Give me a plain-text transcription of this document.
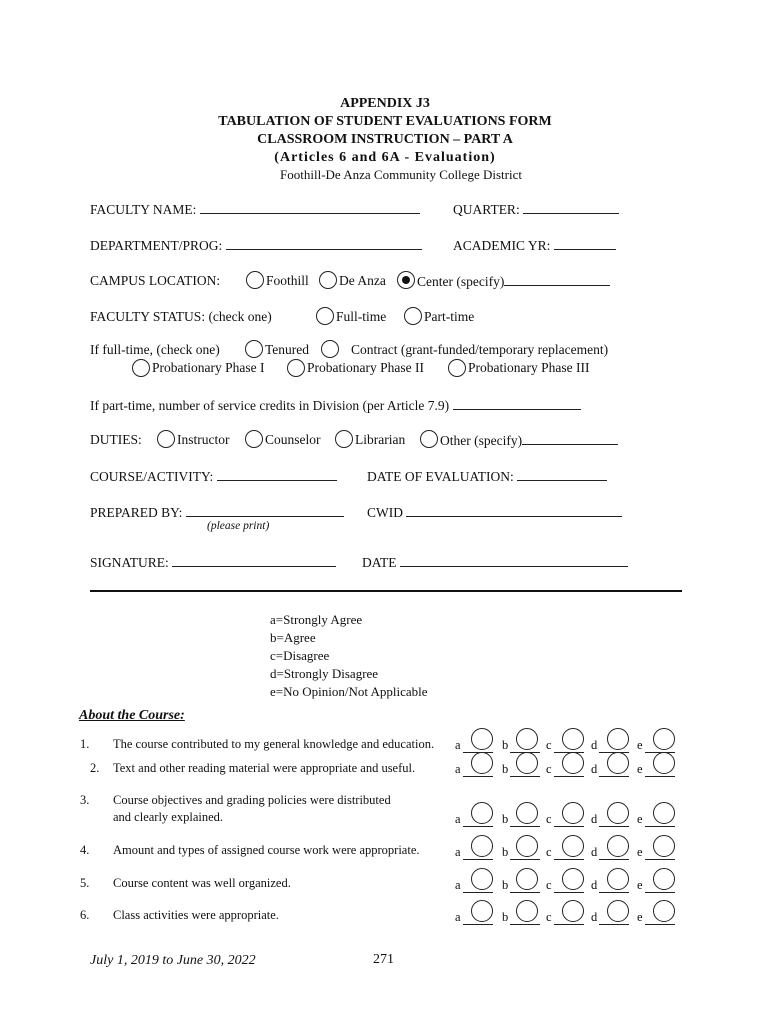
APPENDIX J3
TABULATION OF STUDENT EVALUATIONS FORM
CLASSROOM INSTRUCTION – PART A
(Articles 6 and 6A - Evaluation)
Foothill-De Anza Community College District
FACULTY NAME:	QUARTER:
DEPARTMENT/PROG:	ACADEMIC YR:
CAMPUS LOCATION:	Foothill De Anza Center (specify)
FACULTY STATUS: (check one)	Full-time	Part-time
If full-time, (check one)	Tenured	Contract (grant-funded/temporary replacement)
Probationary Phase I	Probationary Phase II	Probationary Phase III
If part-time, number of service credits in Division (per Article 7.9)
DUTIES:	Instructor	Counselor	Librarian	Other (specify)
COURSE/ACTIVITY:	DATE OF EVALUATION:
PREPARED BY:
(please print)
CWID
SIGNATURE:	DATE
a=Strongly Agree
b=Agree
c=Disagree
d=Strongly Disagree
e=No Opinion/Not Applicable
About the Course:
1. The course contributed to my general knowledge and education. a	b	c	d	e
2. Text and other reading material were appropriate and useful.	a	b	c	d	e
3. Course objectives and grading policies were distributed
and clearly explained.	a	b	c	d	e
4. Amount and types of assigned course work were appropriate.	a	b	c	d	e
5. Course content was well organized.	a	b	c	d	e
6. Class activities were appropriate.	a	b	c	d	e
July 1, 2019 to June 30, 2022	271
